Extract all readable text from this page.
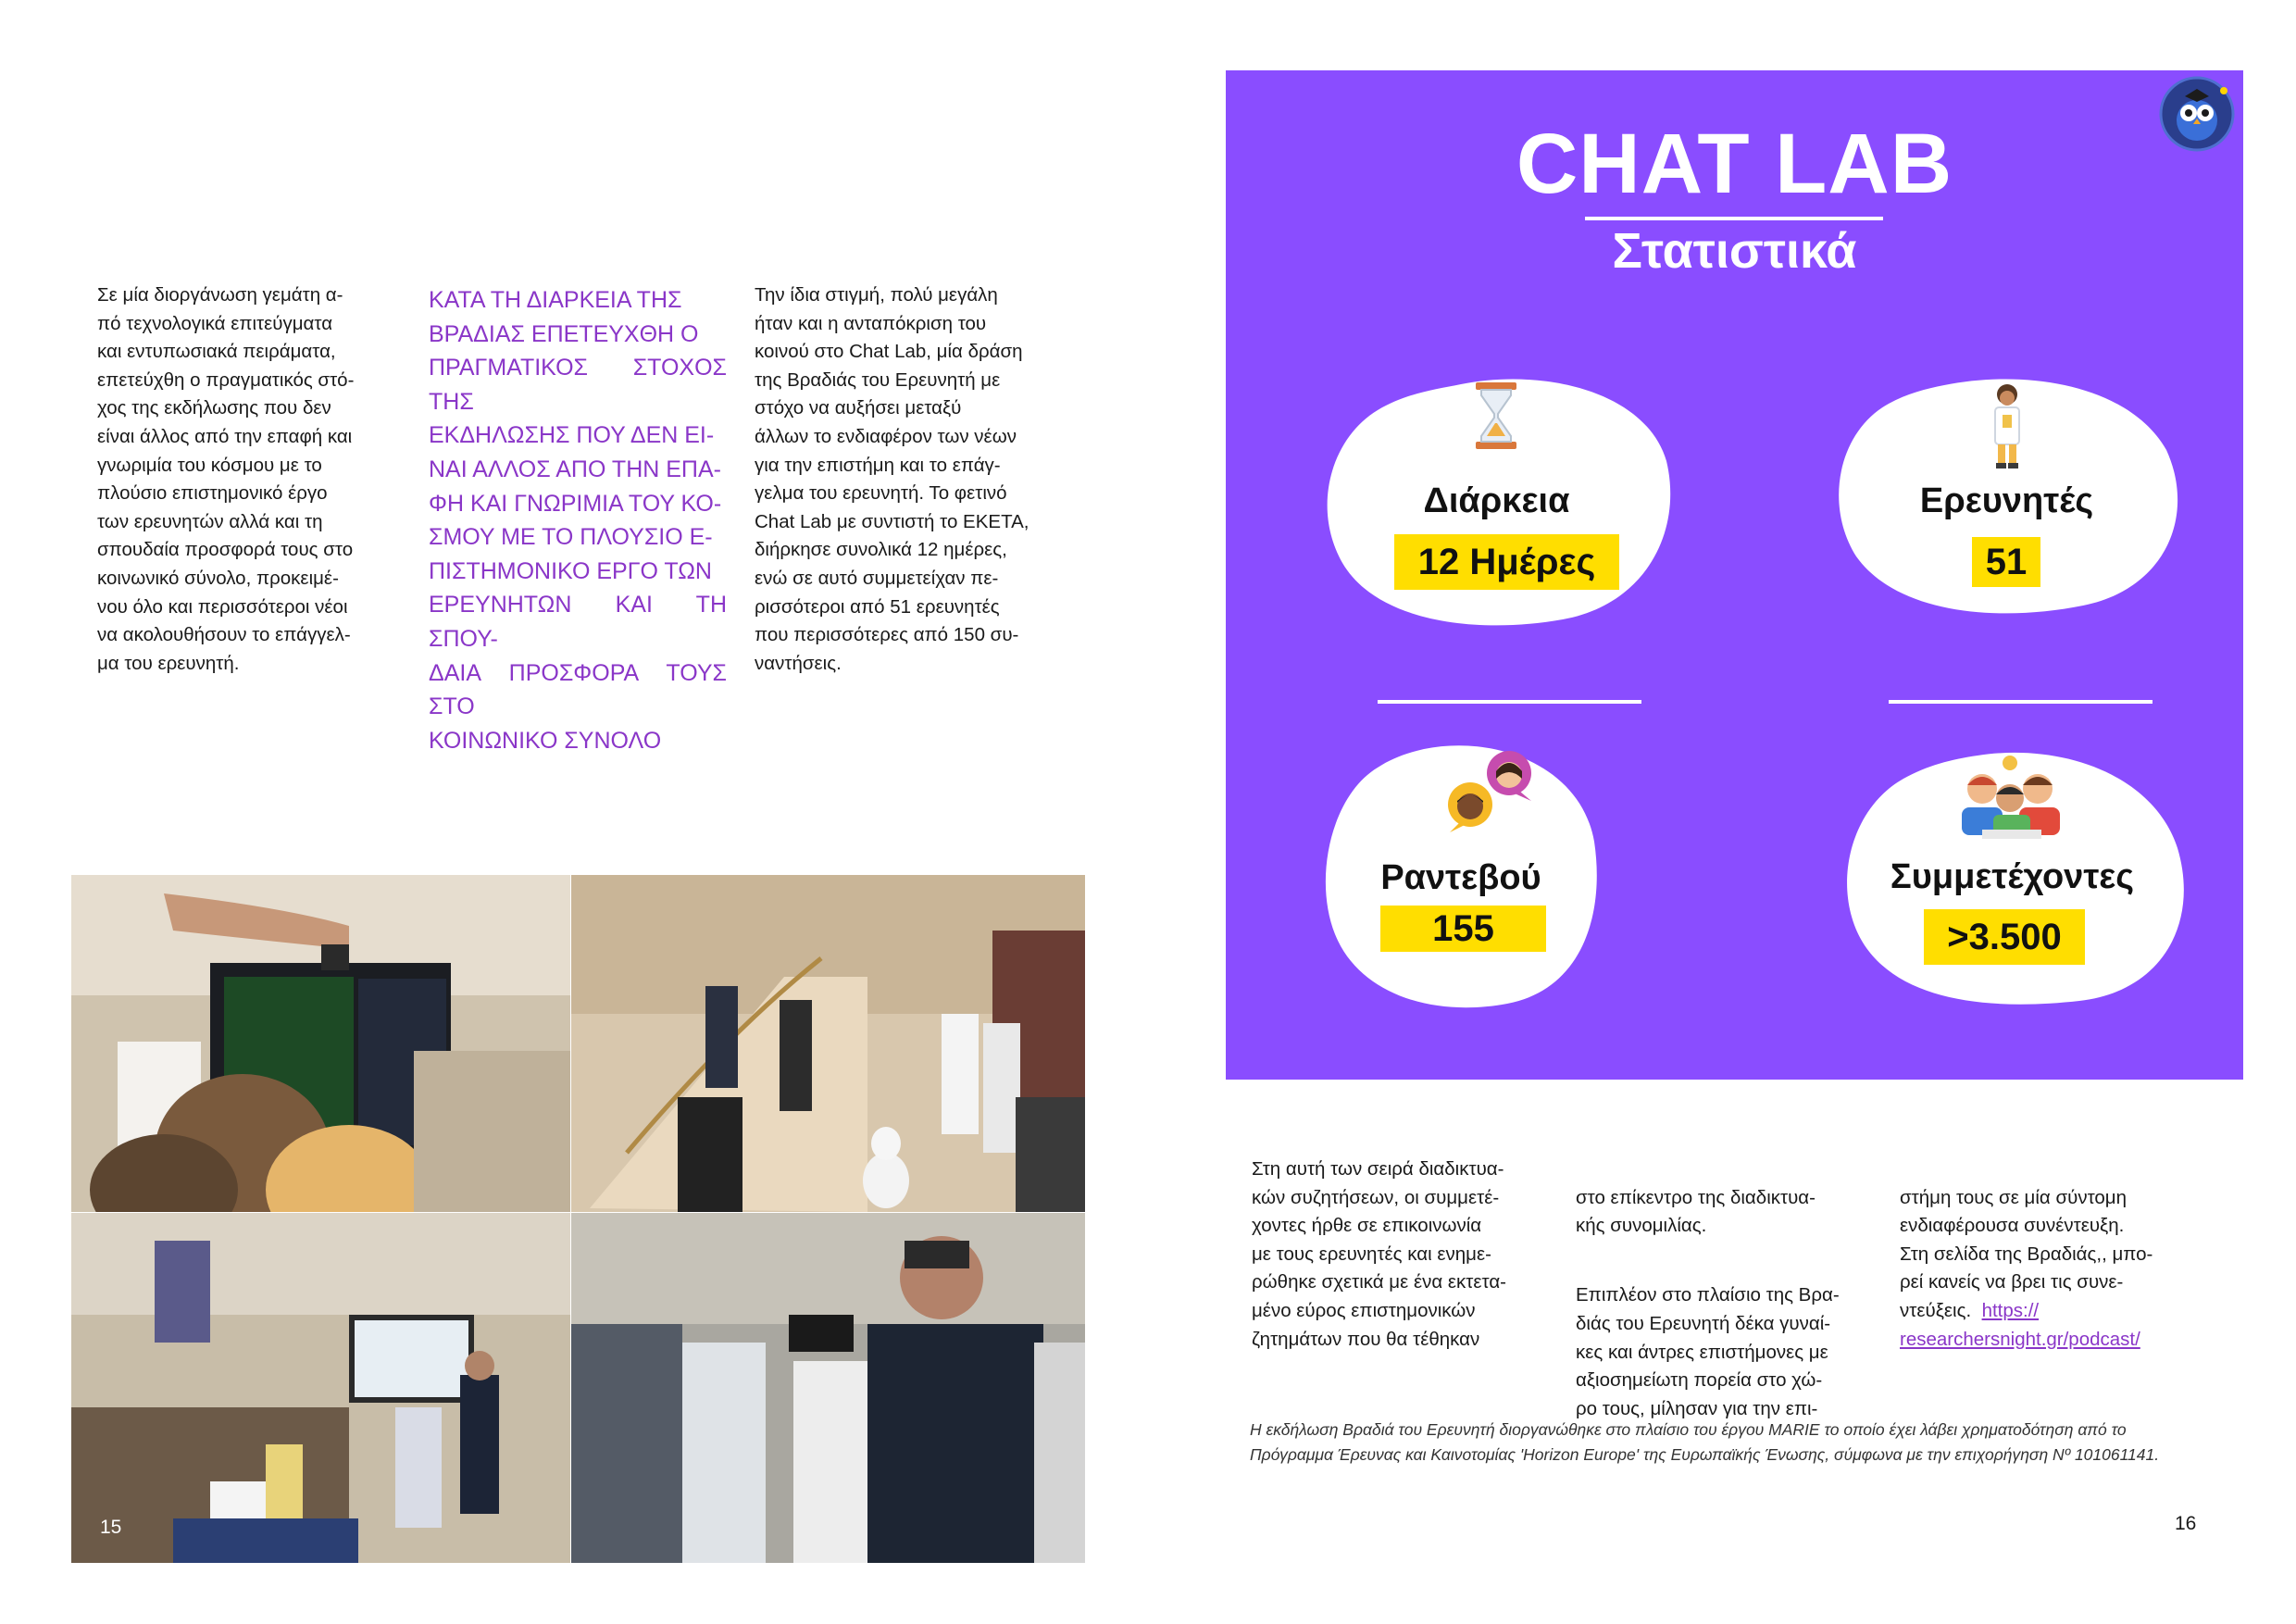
Σε μία διοργάνωση γεμάτη α-
πό τεχνολογικά επιτεύγματα
και εντυπωσιακά πειράματα,
επετεύχθη ο πραγματικός στό-
χος της εκδήλωσης που δεν
είναι άλλος από την επαφή και
γνωριμία του κόσμου με το
πλούσιο επιστημονικό έργο
των ερευνητών αλλά και τη
σπουδαία προσφορά τους στο
κοινωνικό σύνολο, προκειμέ-
νου όλο και περισσότεροι νέοι
να ακολουθήσουν το επάγγελ-
μα του ερευνητή.
ΚΑΤΑ ΤΗ ΔΙΑΡΚΕΙΑ ΤΗΣ
ΒΡΑΔΙΑΣ ΕΠΕΤΕΥΧΘΗ Ο
ΠΡΑΓΜΑΤΙΚΟΣ ΣΤΟΧΟΣ ΤΗΣ
ΕΚΔΗΛΩΣΗΣ ΠΟΥ ΔΕΝ ΕΙ-
ΝΑΙ ΑΛΛΟΣ ΑΠΟ ΤΗΝ ΕΠΑ-
ΦΗ ΚΑΙ ΓΝΩΡΙΜΙΑ ΤΟΥ ΚΟ-
ΣΜΟΥ ΜΕ ΤΟ ΠΛΟΥΣΙΟ Ε-
ΠΙΣΤΗΜΟΝΙΚΟ ΕΡΓΟ ΤΩΝ
ΕΡΕΥΝΗΤΩΝ ΚΑΙ ΤΗ ΣΠΟΥ-
ΔΑΙΑ ΠΡΟΣΦΟΡΑ ΤΟΥΣ ΣΤΟ
ΚΟΙΝΩΝΙΚΟ ΣΥΝΟΛΟ
Την ίδια στιγμή, πολύ μεγάλη
ήταν και η ανταπόκριση του
κοινού στο Chat Lab, μία δράση
της Βραδιάς του Ερευνητή με
στόχο να αυξήσει μεταξύ
άλλων το ενδιαφέρον των νέων
για την επιστήμη και το επάγ-
γελμα του ερευνητή. Το φετινό
Chat Lab με συντιστή το ΕΚΕΤΑ,
διήρκησε συνολικά 12 ημέρες,
ενώ σε αυτό συμμετείχαν πε-
ρισσότεροι από 51 ερευνητές
που περισσότερες από 150 συ-
ναντήσεις.
15
CHAT LAB
Στατιστικά
Διάρκεια
12 Ημέρες
Ερευνητές
51
Ραντεβού
155
Συμμετέχοντες
>3.500
Στη αυτή των σειρά διαδικτυα-
κών συζητήσεων, οι συμμετέ-
χοντες ήρθε σε επικοινωνία
με τους ερευνητές και ενημε-
ρώθηκε σχετικά με ένα εκτετα-
μένο εύρος επιστημονικών
ζητημάτων που θα τέθηκαν

στο επίκεντρο της διαδικτυα-
κής συνομιλίας.

Επιπλέον στο πλαίσιο της Βρα-
διάς του Ερευνητή δέκα γυναί-
κες και άντρες επιστήμονες με
αξιοσημείωτη πορεία στο χώ-
ρο τους, μίλησαν για την επι-

στήμη τους σε μία σύντομη
ενδιαφέρουσα συνέντευξη.
Στη σελίδα της Βραδιάς,, μπο-
ρεί κανείς να βρει τις συνε-
ντεύξεις. https://
researchersnight.gr/podcast/

Η εκδήλωση Βραδιά του Ερευνητή διοργανώθηκε στο πλαίσιο του έργου MARIE το οποίο έχει λάβει χρηματοδότηση από το Πρόγραμμα Έρευνας και Καινοτομίας 'Horizon Europe' της Ευρωπαϊκής Ένωσης, σύμφωνα με την επιχορήγηση Nº 101061141.
16
